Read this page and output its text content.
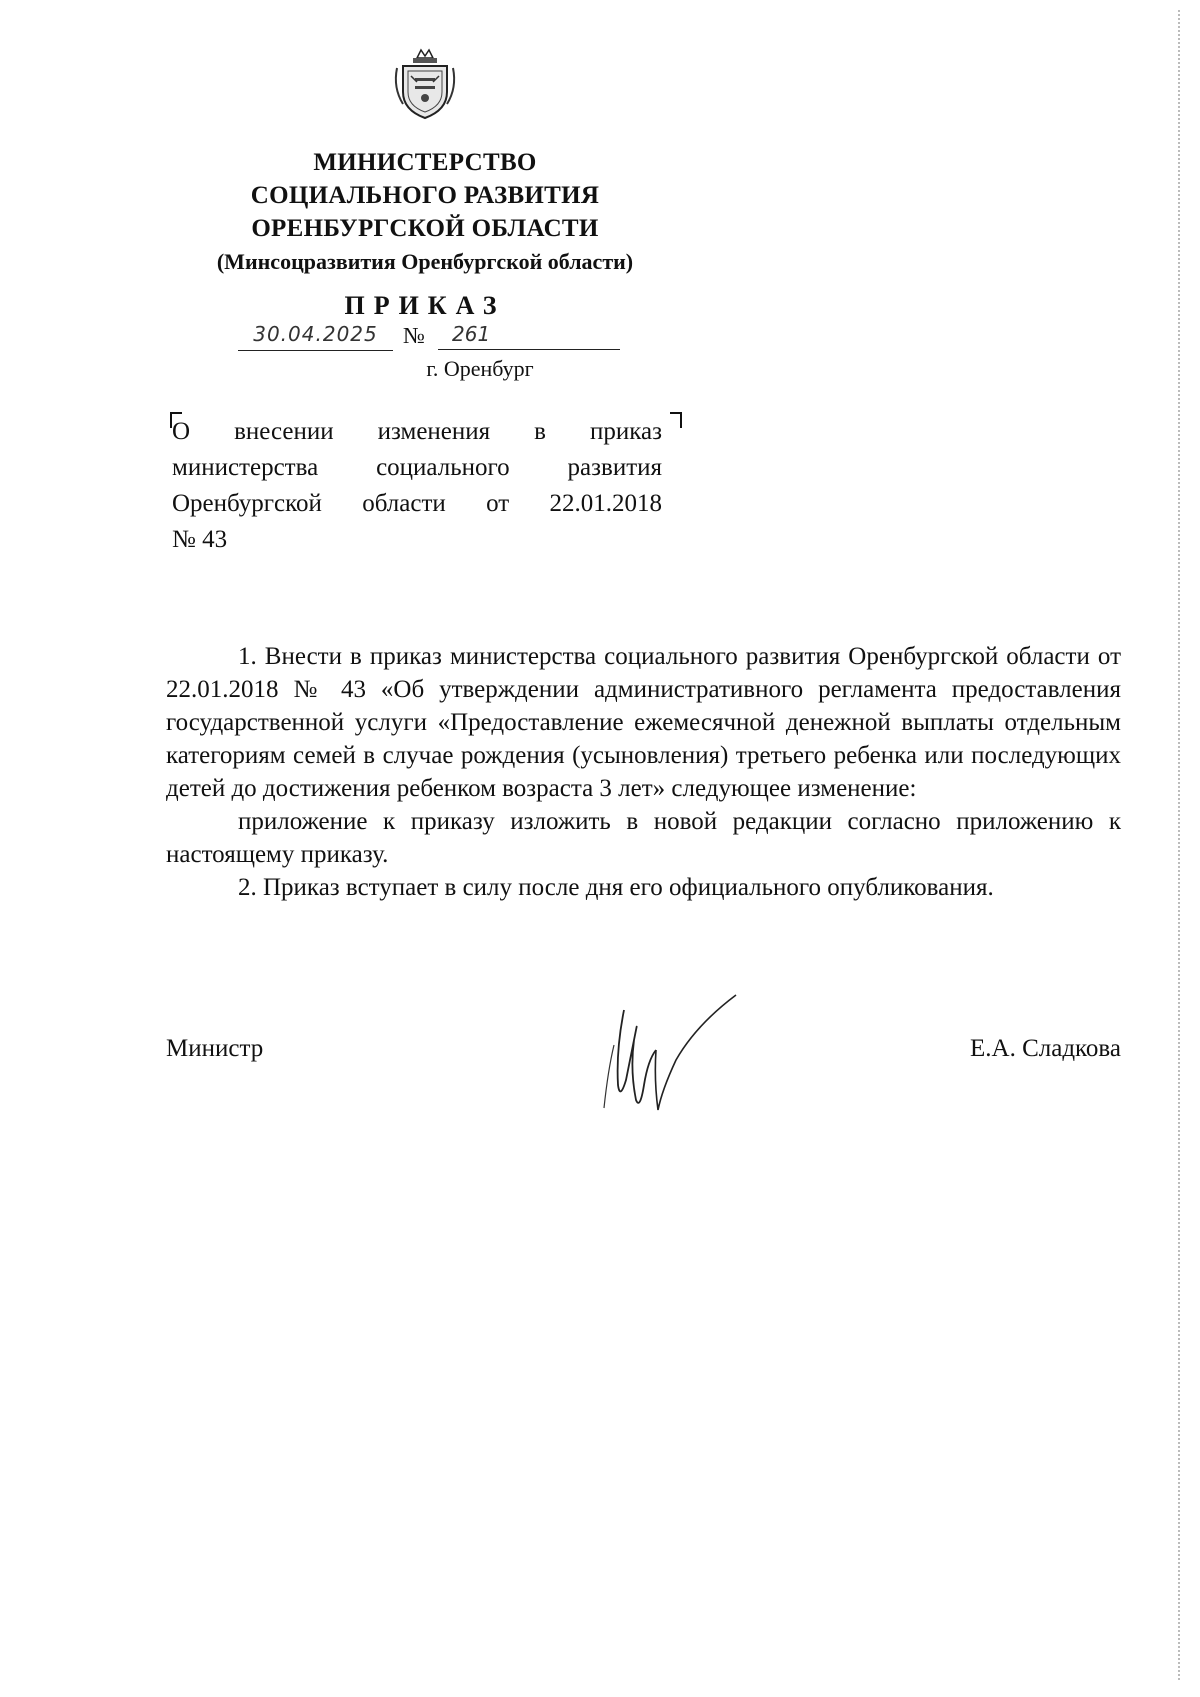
МИНИСТЕРСТВО
СОЦИАЛЬНОГО РАЗВИТИЯ
ОРЕНБУРГСКОЙ ОБЛАСТИ
(Минсоцразвития Оренбургской области)
ПРИКАЗ
30.04.2025	№	261
г. Оренбург
О внесении изменения в приказ министерства социального развития Оренбургской области от 22.01.2018
№ 43

1. Внести в приказ министерства социального развития Оренбургской области от 22.01.2018 № 43 «Об утверждении административного регламента предоставления государственной услуги «Предоставление ежемесячной денежной выплаты отдельным категориям семей в случае рождения (усыновления) третьего ребенка или последующих детей до достижения ребенком возраста 3 лет» следующее изменение:

приложение к приказу изложить в новой редакции согласно приложению к настоящему приказу.

2. Приказ вступает в силу после дня его официального опубликования.

Министр	Е.А. Сладкова
